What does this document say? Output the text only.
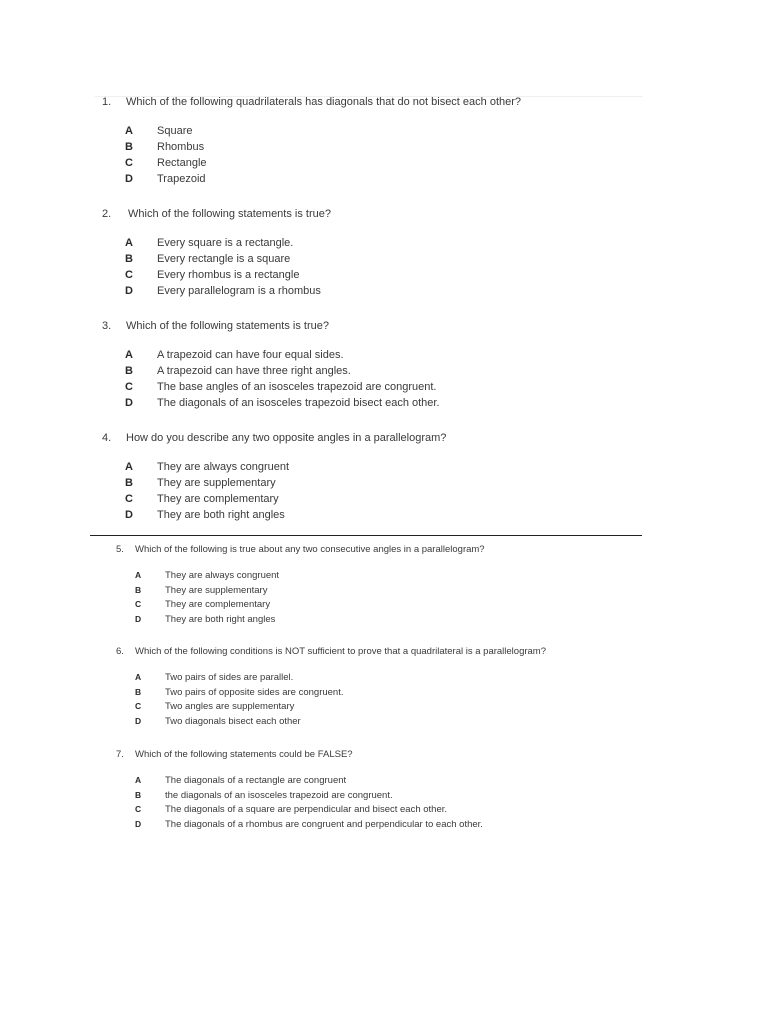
1. Which of the following quadrilaterals has diagonals that do not bisect each other?
A Square
B Rhombus
C Rectangle
D Trapezoid
2. Which of the following statements is true?
A Every square is a rectangle.
B Every rectangle is a square
C Every rhombus is a rectangle
D Every parallelogram is a rhombus
3. Which of the following statements is true?
A A trapezoid can have four equal sides.
B A trapezoid can have three right angles.
C The base angles of an isosceles trapezoid are congruent.
D The diagonals of an isosceles trapezoid bisect each other.
4. How do you describe any two opposite angles in a parallelogram?
A They are always congruent
B They are supplementary
C They are complementary
D They are both right angles
5. Which of the following is true about any two consecutive angles in a parallelogram?
A	They are always congruent
B	They are supplementary
C	They are complementary
D	They are both right angles
6. Which of the following conditions is NOT sufficient to prove that a quadrilateral is a parallelogram?
A	Two pairs of sides are parallel.
B	Two pairs of opposite sides are congruent.
C	Two angles are supplementary
D	Two diagonals bisect each other
7. Which of the following statements could be FALSE?
A	The diagonals of a rectangle are congruent
B	the diagonals of an isosceles trapezoid are congruent.
C	The diagonals of a square are perpendicular and bisect each other.
D	The diagonals of a rhombus are congruent and perpendicular to each other.
